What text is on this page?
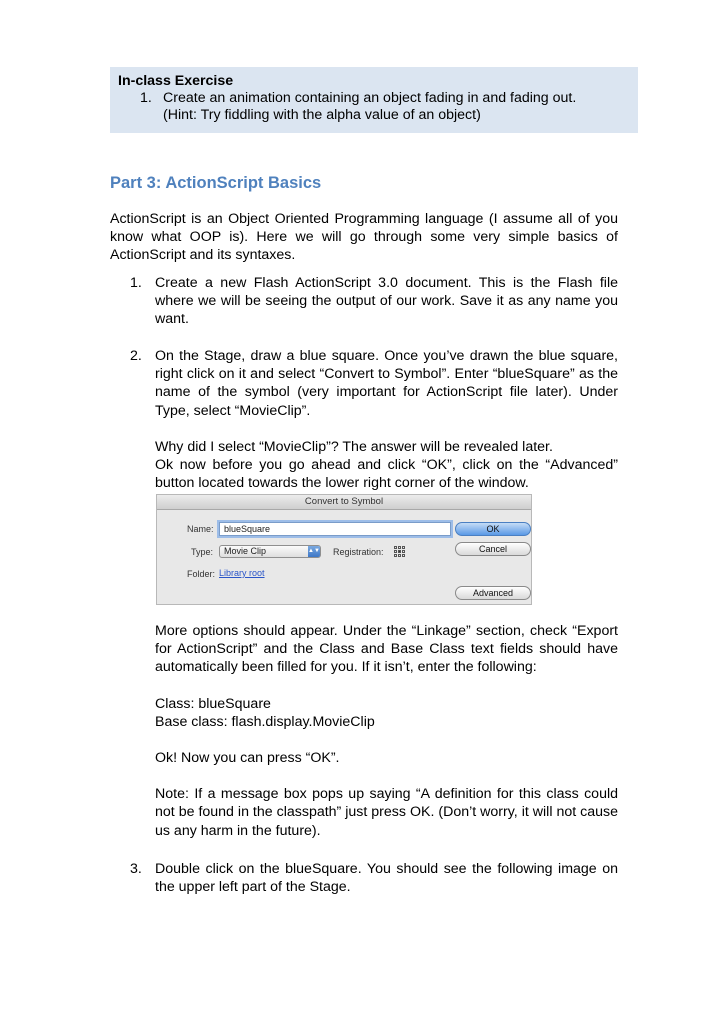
In-class Exercise
1. Create an animation containing an object fading in and fading out.
(Hint: Try fiddling with the alpha value of an object)
Part 3: ActionScript Basics

ActionScript is an Object Oriented Programming language (I assume all of you know what OOP is). Here we will go through some very simple basics of ActionScript and its syntaxes.

1. Create a new Flash ActionScript 3.0 document. This is the Flash file where we will be seeing the output of our work. Save it as any name you want.

2. On the Stage, draw a blue square. Once you’ve drawn the blue square, right click on it and select “Convert to Symbol”. Enter “blueSquare” as the name of the symbol (very important for ActionScript file later). Under Type, select “MovieClip”.

Why did I select “MovieClip”? The answer will be revealed later.

Ok now before you go ahead and click “OK”, click on the “Advanced” button located towards the lower right corner of the window.

Convert to Symbol
Name:	blueSquare
Type:	Movie Clip	▲▼ Registration:
Folder: Library root
OK
Cancel
Advanced

More options should appear. Under the “Linkage” section, check “Export for ActionScript” and the Class and Base Class text fields should have automatically been filled for you. If it isn’t, enter the following:

Class: blueSquare

Base class: flash.display.MovieClip

Ok! Now you can press “OK”.

Note: If a message box pops up saying “A definition for this class could not be found in the classpath” just press OK. (Don’t worry, it will not cause us any harm in the future).

3. Double click on the blueSquare. You should see the following image on the upper left part of the Stage.
